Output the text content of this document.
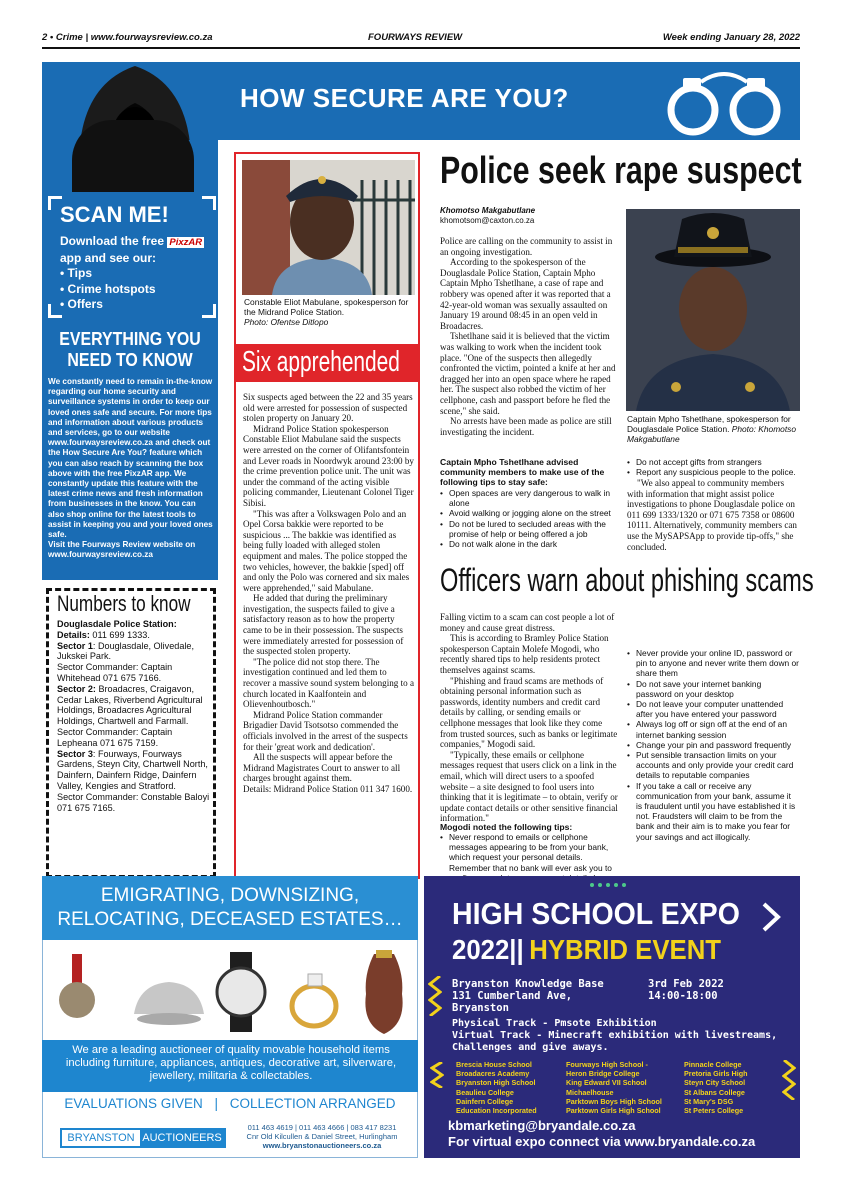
2 • Crime | www.fourwaysreview.co.za	FOURWAYS REVIEW	Week ending January 28, 2022
HOW SECURE ARE YOU?
SCAN ME!
Download the free PixzAR
app and see our:
• Tips
• Crime hotspots
• Offers
EVERYTHING YOU
NEED TO KNOW

We constantly need to remain in-the-know regarding our home security and surveillance systems in order to keep our loved ones safe and secure. For more tips and information about various products and services, go to our website www.fourwaysreview.co.za and check out the How Secure Are You? feature which you can also reach by scanning the box above with the free PixzAR app. We constantly update this feature with the latest crime news and fresh information from businesses in the know. You can also shop online for the latest tools to assist in keeping you and your loved ones safe.

Visit the Fourways Review website on www.fourwaysreview.co.za

Numbers to know
Douglasdale Police Station:
Details: 011 699 1333.
Sector 1: Douglasdale, Olivedale, Jukskei Park.
Sector Commander: Captain Whitehead 071 675 7166.
Sector 2: Broadacres, Craigavon, Cedar Lakes, Riverbend Agricultural Holdings, Broadacres Agricultural Holdings, Chartwell and Farmall.
Sector Commander: Captain Lepheana 071 675 7159.
Sector 3: Fourways, Fourways Gardens, Steyn City, Chartwell North, Dainfern, Dainfern Ridge, Dainfern Valley, Kengies and Stratford.
Sector Commander: Constable Baloyi 071 675 7165.
Constable Eliot Mabulane, spokesperson for the Midrand Police Station.
Photo: Ofentse Ditlopo
Six apprehended

Six suspects aged between the 22 and 35 years old were arrested for possession of suspected stolen property on January 20.

Midrand Police Station spokesperson Constable Eliot Mabulane said the suspects were arrested on the corner of Olifantsfontein and Lever roads in Noordwyk around 23:00 by the crime prevention police unit. The unit was under the command of the acting visible policing commander, Lieutenant Colonel Tiger Sibisi.

"This was after a Volkswagen Polo and an Opel Corsa bakkie were reported to be suspicious ... The bakkie was identified as being fully loaded with alleged stolen equipment and males. The police stopped the two vehicles, however, the bakkie [sped] off and only the Polo was cornered and six males were apprehended," said Mabulane.

He added that during the preliminary investigation, the suspects failed to give a satisfactory reason as to how the property came to be in their possession. The suspects were immediately arrested for possession of the suspected stolen property.

"The police did not stop there. The investigation continued and led them to recover a massive sound system belonging to a church located in Kaalfontein and Olievenhoutbosch."

Midrand Police Station commander Brigadier David Tsotsotso commended the officials involved in the arrest of the suspects for their 'great work and dedication'.

All the suspects will appear before the Midrand Magistrates Court to answer to all charges brought against them.

Details: Midrand Police Station 011 347 1600.

Police seek rape suspect
Khomotso Makgabutlane
khomotsom@caxton.co.za

Police are calling on the community to assist in an ongoing investigation.

According to the spokesperson of the Douglasdale Police Station, Captain Mpho Captain Mpho Tshetlhane, a case of rape and robbery was opened after it was reported that a 42-year-old woman was sexually assaulted on January 19 around 08:45 in an open veld in Broadacres.

Tshetlhane said it is believed that the victim was walking to work when the incident took place. "One of the suspects then allegedly confronted the victim, pointed a knife at her and dragged her into an open space where he raped her. The suspect also robbed the victim of her cellphone, cash and passport before he fled the scene," she said.

No arrests have been made as police are still investigating the incident.

Captain Mpho Tshetlhane advised community members to make use of the following tips to stay safe:
• Open spaces are very dangerous to walk in alone
• Avoid walking or jogging alone on the street
• Do not be lured to secluded areas with the promise of help or being offered a job
• Do not walk alone in the dark
Captain Mpho Tshetlhane, spokesperson for Douglasdale Police Station. Photo: Khomotso Makgabutlane
• Do not accept gifts from strangers
• Report any suspicious people to the police.

"We also appeal to community members with information that might assist police investigations to phone Douglasdale police on 011 699 1333/1320 or 071 675 7358 or 08600 10111. Alternatively, community members can use the MySAPSApp to provide tip-offs," she concluded.

Officers warn about phishing scams

Falling victim to a scam can cost people a lot of money and cause great distress.

This is according to Bramley Police Station spokesperson Captain Molefe Mogodi, who recently shared tips to help residents protect themselves against scams.

"Phishing and fraud scams are methods of obtaining personal information such as passwords, identity numbers and credit card details by calling, or sending emails or cellphone messages that look like they come from trusted sources, such as banks or legitimate companies," Mogodi said.

"Typically, these emails or cellphone messages request that users click on a link in the email, which will direct users to a spoofed website – a site designed to fool users into thinking that it is legitimate – to obtain, verify or update contact details or other sensitive financial information."

Mogodi noted the following tips:
• Never respond to emails or cellphone messages appearing to be from your bank, which request your personal details. Remember that no bank will ever ask you to
• Never provide your online ID, password or pin to anyone and never write them down or share them
• Do not save your internet banking password on your desktop
• Do not leave your computer unattended after you have entered your password
• Always log off or sign off at the end of an internet banking session
• Change your pin and password frequently
• Put sensible transaction limits on your accounts and only provide your credit card details to reputable companies
• If you take a call or receive any communication from your bank, assume it is fraudulent until you have established it is not. Fraudsters will claim to be from the bank and their aim is to make you fear for your savings and act illogically.
EMIGRATING, DOWNSIZING,
RELOCATING, DECEASED ESTATES…
We are a leading auctioneer of quality movable household items including furniture, appliances, antiques, decorative art, silverware, jewellery, militaria & collectables.
EVALUATIONS GIVEN | COLLECTION ARRANGED
BRYANSTON AUCTIONEERS
011 463 4619 | 011 463 4666 | 083 417 8231
Cnr Old Kilcullen & Daniel Street, Hurlingham
www.bryanstonauctioneers.co.za
HIGH SCHOOL EXPO
2022|| HYBRID EVENT
Bryanston Knowledge Base
131 Cumberland Ave,
Bryanston
3rd Feb 2022
14:00-18:00
Physical Track - Pmsote Exhibition
Virtual Track - Minecraft exhibition with livestreams,
Challenges and give aways.
Brescia House School
Broadacres Academy
Bryanston High School
Beaulieu College
Dainfern College
Education Incorporated
Fourways High School -
Heron Bridge College
King Edward VII School
Michaelhouse
Parktown Boys High School
Parktown Girls High School
Pinnacle College
Pretoria Girls High
Steyn City School
St Albans College
St Mary's DSG
St Peters College
kbmarketing@bryandale.co.za
For virtual expo connect via www.bryandale.co.za
